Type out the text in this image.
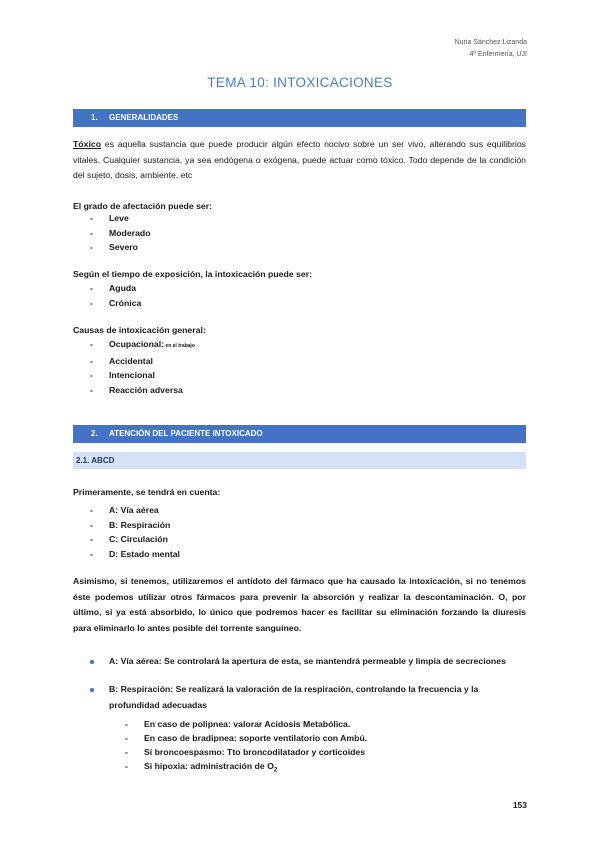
Nuria Sánchez Lizanda
4º Enfermería, UJI
TEMA 10: INTOXICACIONES
1. GENERALIDADES
Tóxico es aquella sustancia que puede producir algún efecto nocivo sobre un ser vivo, alterando sus equilibrios vitales. Cualquier sustancia, ya sea endógena o exógena, puede actuar como tóxico. Todo depende de la condición del sujeto, dosis, ambiente, etc
El grado de afectación puede ser:
- Leve
- Moderado
- Severo
Según el tiempo de exposición, la intoxicación puede ser:
- Aguda
- Crónica
Causas de intoxicación general:
- Ocupacional: en el trabajo
- Accidental
- Intencional
- Reacción adversa
2. ATENCIÓN DEL PACIENTE INTOXICADO
2.1. ABCD
Primeramente, se tendrá en cuenta:
- A: Vía aérea
- B: Respiración
- C: Circulación
- D: Estado mental
Asimismo, si tenemos, utilizaremos el antídoto del fármaco que ha causado la intoxicación, si no tenemos éste podemos utilizar otros fármacos para prevenir la absorción y realizar la descontaminación. O, por último, si ya está absorbido, lo único que podremos hacer es facilitar su eliminación forzando la diuresis para eliminarlo lo antes posible del torrente sanguíneo.
A: Vía aérea: Se controlará la apertura de esta, se mantendrá permeable y limpia de secreciones
B: Respiración: Se realizará la valoración de la respiración, controlando la frecuencia y la profundidad adecuadas
- En caso de polipnea: valorar Acidosis Metabólica.
- En caso de bradipnea: soporte ventilatorio con Ambú.
- Si broncoespasmo: Tto broncodilatador y corticoides
- Si hipoxia: administración de $O_2$
153
